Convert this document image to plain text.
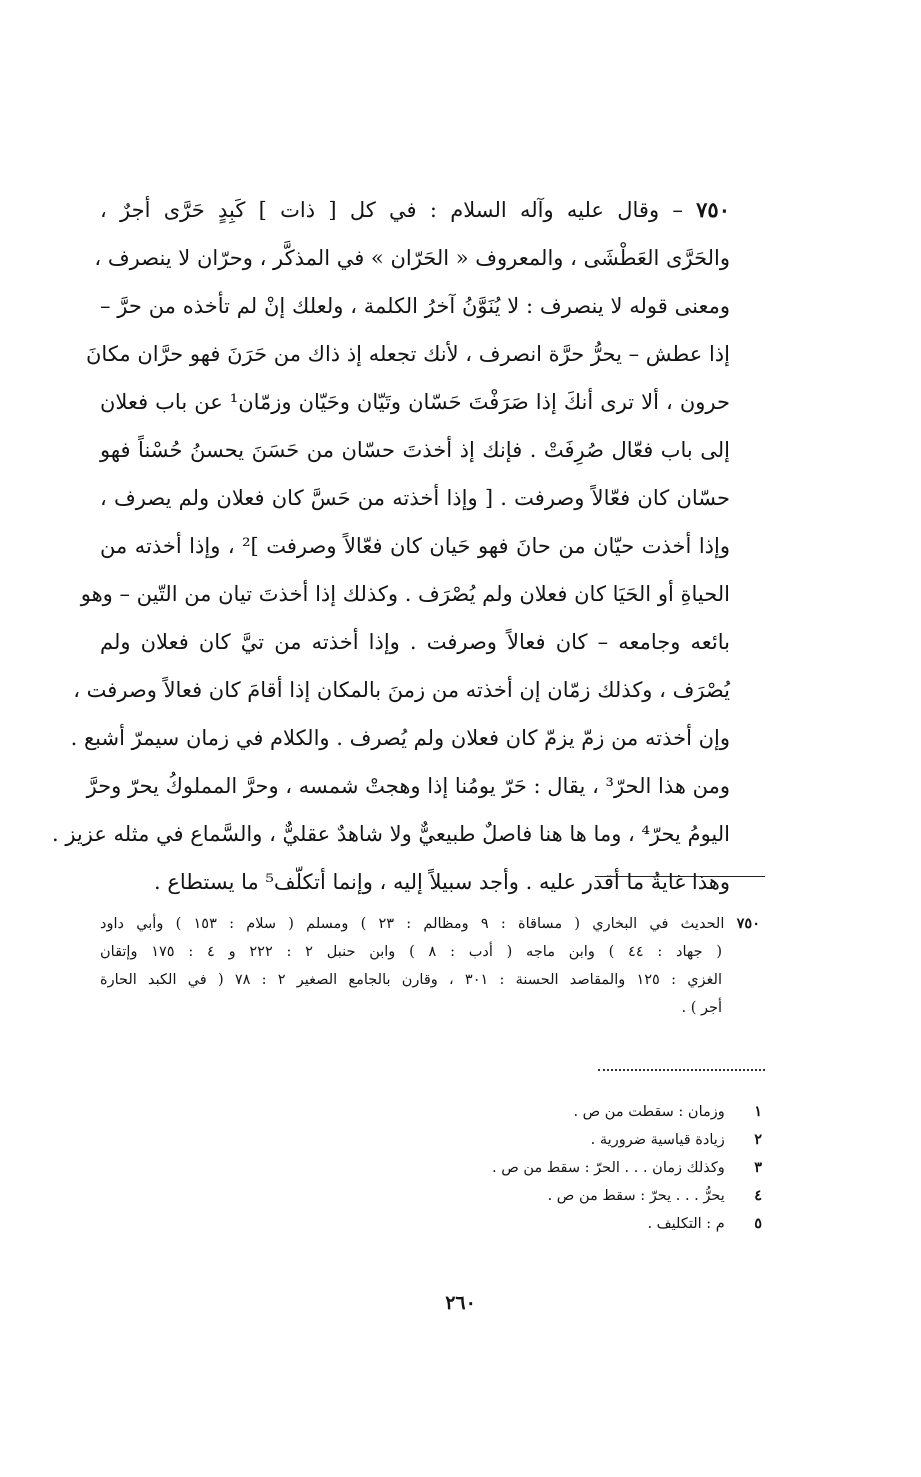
٧٥٠ – وقال عليه وآله السلام : في كل [ ذات ] كَبِدٍ حَرَّى أجرٌ ،
والحَرَّى العَطْشَى ، والمعروف « الحَرّان » في المذكَّر ، وحرّان لا ينصرف ،
ومعنى قوله لا ينصرف : لا يُنَوَّنُ آخرُ الكلمة ، ولعلك إنْ لم تأخذه من حرَّ –
إذا عطش – يحرُّ حرَّة انصرف ، لأنك تجعله إذ ذاك من حَرَنَ فهو حرَّان مكانَ
حرون ، ألا ترى أنكَ إذا صَرَفْتَ حَسّان وتَيّان وحَيّان وزمّان¹ عن باب فعلان
إلى باب فعّال صُرِفَتْ . فإنك إذ أخذتَ حسّان من حَسَنَ يحسنُ حُسْناً فهو
حسّان كان فعّالاً وصرفت . [ وإذا أخذته من حَسَّ كان فعلان ولم يصرف ،
وإذا أخذت حيّان من حانَ فهو حَيان كان فعّالاً وصرفت ]² ، وإذا أخذته من
الحياةِ أو الحَيَا كان فعلان ولم يُصْرَف . وكذلك إذا أخذتَ تيان من التّين – وهو
بائعه وجامعه – كان فعالاً وصرفت . وإذا أخذته من تيَّ كان فعلان ولم
يُصْرَف ، وكذلك زمّان إن أخذته من زمنَ بالمكان إذا أقامَ كان فعالاً وصرفت ،
وإن أخذته من زمّ يزمّ كان فعلان ولم يُصرف . والكلام في زمان سيمرّ أشبع .
ومن هذا الحرّ³ ، يقال : حَرّ يومُنا إذا وهجتْ شمسه ، وحرَّ المملوكُ يحرّ وحرَّ
اليومُ يحرّ⁴ ، وما ها هنا فاصلٌ طبيعيٌّ ولا شاهدٌ عقليٌّ ، والسَّماع في مثله عزيز .
وهذا غايةُ ما أقدر عليه . وأجد سبيلاً إليه ، وإنما أتكلّف⁵ ما يستطاع .
٧٥٠ الحديث في البخاري ( مساقاة : ٩ ومظالم : ٢٣ ) ومسلم ( سلام : ١٥٣ ) وأبي داود
( جهاد : ٤٤ ) وابن ماجه ( أدب : ٨ ) وابن حنبل ٢ : ٢٢٢ و ٤ : ١٧٥ وإتقان
الغزي : ١٢٥ والمقاصد الحسنة : ٣٠١ ، وقارن بالجامع الصغير ٢ : ٧٨ ( في الكبد الحارة
أجر ) .
١  وزمان : سقطت من ص .
٢  زيادة قياسية ضرورية .
٣  وكذلك زمان . . . الحرّ : سقط من ص .
٤  يحرُّ . . . يحرّ : سقط من ص .
٥  م : التكليف .
٢٦٠
